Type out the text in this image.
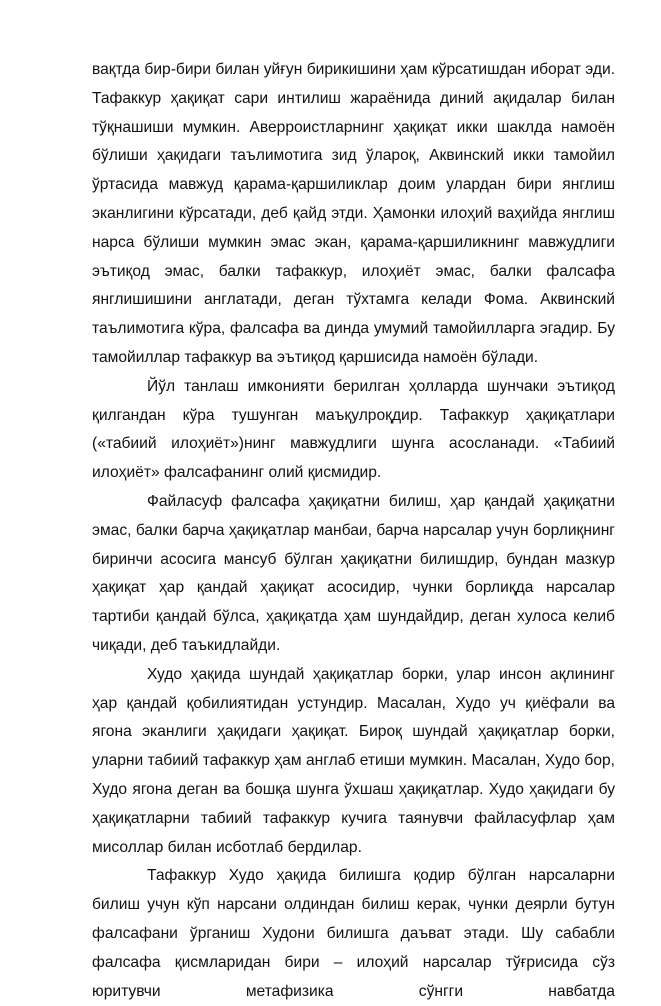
вақтда бир-бири билан уйғун бирикишини ҳам кўрсатишдан иборат эди. Тафаккур ҳақиқат сари интилиш жараёнида диний ақидалар билан тўқнашиши мумкин. Аверроистларнинг ҳақиқат икки шаклда намоён бўлиши ҳақидаги таълимотига зид ўлароқ, Аквинский икки тамойил ўртасида мавжуд қарама-қаршиликлар доим улардан бири янглиш эканлигини кўрсатади, деб қайд этди. Ҳамонки илоҳий ваҳийда янглиш нарса бўлиши мумкин эмас экан, қарама-қаршиликнинг мавжудлиги эътиқод эмас, балки тафаккур, илоҳиёт эмас, балки фалсафа янглишишини англатади, деган тўхтамга келади Фома. Аквинский таълимотига кўра, фалсафа ва динда умумий тамойилларга эгадир. Бу тамойиллар тафаккур ва эътиқод қаршисида намоён бўлади.

Йўл танлаш имконияти берилган ҳолларда шунчаки эътиқод қилгандан кўра тушунган маъқулроқдир. Тафаккур ҳақиқатлари («табиий илоҳиёт»)нинг мавжудлиги шунга асосланади. «Табиий илоҳиёт» фалсафанинг олий қисмидир.

Файласуф фалсафа ҳақиқатни билиш, ҳар қандай ҳақиқатни эмас, балки барча ҳақиқатлар манбаи, барча нарсалар учун борлиқнинг биринчи асосига мансуб бўлган ҳақиқатни билишдир, бундан мазкур ҳақиқат ҳар қандай ҳақиқат асосидир, чунки борлиқда нарсалар тартиби қандай бўлса, ҳақиқатда ҳам шундайдир, деган хулоса келиб чиқади, деб таъкидлайди.

Худо ҳақида шундай ҳақиқатлар борки, улар инсон ақлининг ҳар қандай қобилиятидан устундир. Масалан, Худо уч қиёфали ва ягона эканлиги ҳақидаги ҳақиқат. Бироқ шундай ҳақиқатлар борки, уларни табиий тафаккур ҳам англаб етиши мумкин. Масалан, Худо бор, Худо ягона деган ва бошқа шунга ўхшаш ҳақиқатлар. Худо ҳақидаги бу ҳақиқатларни табиий тафаккур кучига таянувчи файласуфлар ҳам мисоллар билан исботлаб бердилар.

Тафаккур Худо ҳақида билишга қодир бўлган нарсаларни билиш учун кўп нарсани олдиндан билиш керак, чунки деярли бутун фалсафани ўрганиш Худони билишга даъват этади. Шу сабабли фалсафа қисмларидан бири – илоҳий нарсалар тўғрисида сўз юритувчи метафизика сўнгги навбатда
